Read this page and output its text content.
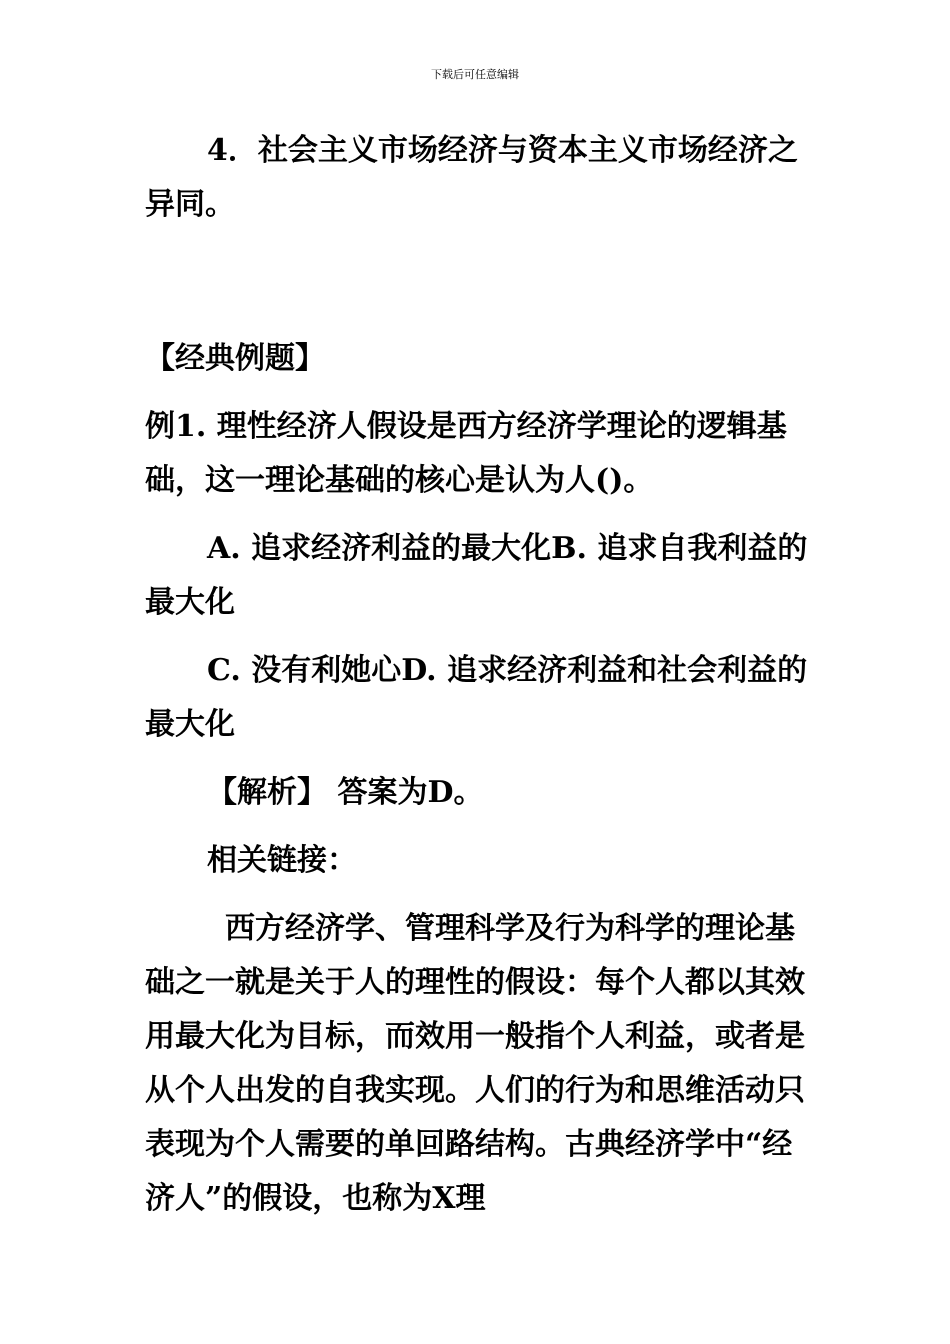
下载后可任意编辑

4．社会主义市场经济与资本主义市场经济之异同。

【经典例题】

例1. 理性经济人假设是西方经济学理论的逻辑基础，这一理论基础的核心是认为人()。

A. 追求经济利益的最大化B. 追求自我利益的最大化

C. 没有利她心D. 追求经济利益和社会利益的最大化

【解析】 答案为D。

相关链接：

西方经济学、管理科学及行为科学的理论基础之一就是关于人的理性的假设：每个人都以其效用最大化为目标，而效用一般指个人利益，或者是从个人出发的自我实现。人们的行为和思维活动只表现为个人需要的单回路结构。古典经济学中“经济人”的假设，也称为X理
